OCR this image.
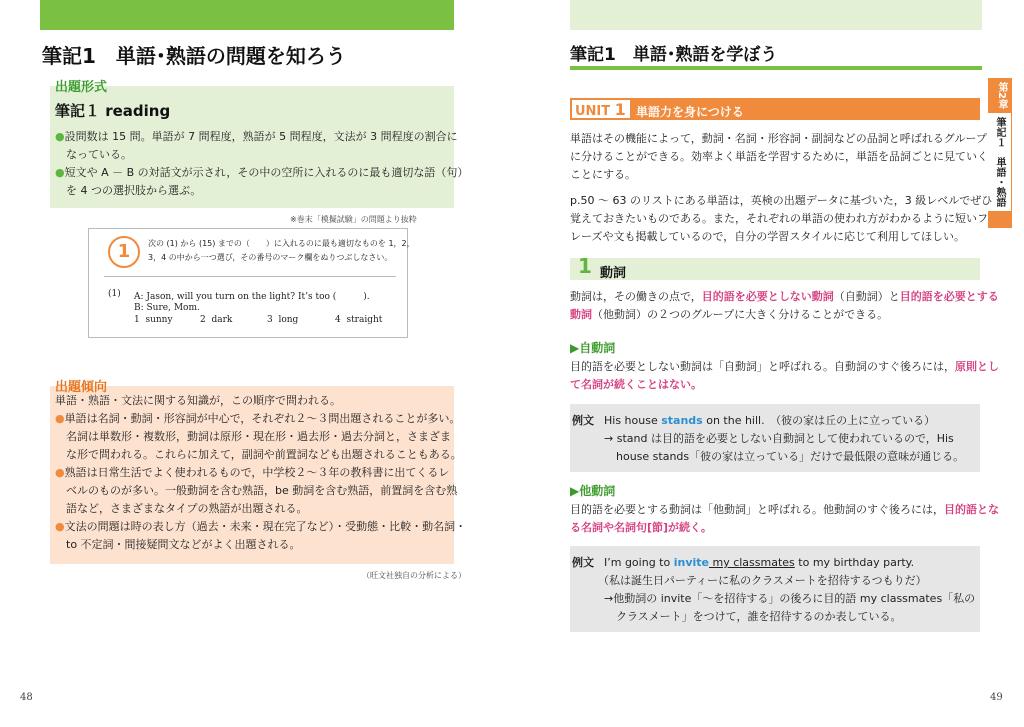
筆記1　単語･熟語の問題を知ろう
出題形式
筆記１ reading
●設問数は 15 問。単語が 7 問程度，熟語が 5 問程度，文法が 3 問程度の割合に
なっている。
●短文や A － B の対話文が示され，その中の空所に入れるのに最も適切な語（句）
を 4 つの選択肢から選ぶ。
※巻末「模擬試験」の問題より抜粋
1	次の (1) から (15) までの（　　）に入れるのに最も適切なものを 1，2，
3，4 の中から一つ選び，その番号のマーク欄をぬりつぶしなさい。
(1) A: Jason, will you turn on the light? It’s too (　　　).
B: Sure, Mom.
1  sunny	2  dark	3  long	4  straight
出題傾向
単語・熟語・文法に関する知識が，この順序で問われる。
●単語は名詞・動詞・形容詞が中心で，それぞれ２～３問出題されることが多い。
名詞は単数形・複数形，動詞は原形・現在形・過去形・過去分詞と，さまざま
な形で問われる。これらに加えて，副詞や前置詞なども出題されることもある。
●熟語は日常生活でよく使われるもので，中学校２～３年の教科書に出てくるレ
ベルのものが多い。一般動詞を含む熟語，be 動詞を含む熟語，前置詞を含む熟
語など，さまざまなタイプの熟語が出題される。
●文法の問題は時の表し方（過去・未来・現在完了など）・受動態・比較・動名詞・
to 不定詞・間接疑問文などがよく出題される。
（旺文社独自の分析による）
48
筆記1　単語･熟語を学ぼう
第2章
筆記１　単語・熟語
UNIT 1 単語力を身につける
単語はその機能によって，動詞・名詞・形容詞・副詞などの品詞と呼ばれるグループ
に分けることができる。効率よく単語を学習するために，単語を品詞ごとに見ていく
ことにする。
p.50 ～ 63 のリストにある単語は，英検の出題データに基づいた，3 級レベルでぜひ
覚えておきたいものである。また，それぞれの単語の使われ方がわかるように短いフ
レーズや文も掲載しているので，自分の学習スタイルに応じて利用してほしい。
1 動詞
動詞は，その働きの点で，目的語を必要としない動詞（自動詞）と目的語を必要とする
動詞（他動詞）の２つのグループに大きく分けることができる。
▶自動詞
目的語を必要としない動詞は「自動詞」と呼ばれる。自動詞のすぐ後ろには，原則とし
て名詞が続くことはない。
例文 His house stands on the hill.　 （彼の家は丘の上に立っている）
→ stand は目的語を必要としない自動詞として使われているので，His
house stands「彼の家は立っている」だけで最低限の意味が通じる。
▶他動詞
目的語を必要とする動詞は「他動詞」と呼ばれる。他動詞のすぐ後ろには，目的語とな
る名詞や名詞句[節]が続く。
例文 I’m going to invite my classmates to my birthday party.
（私は誕生日パーティーに私のクラスメートを招待するつもりだ）
→他動詞の invite「～を招待する」の後ろに目的語 my classmates「私の
クラスメート」をつけて，誰を招待するのか表している。
49
